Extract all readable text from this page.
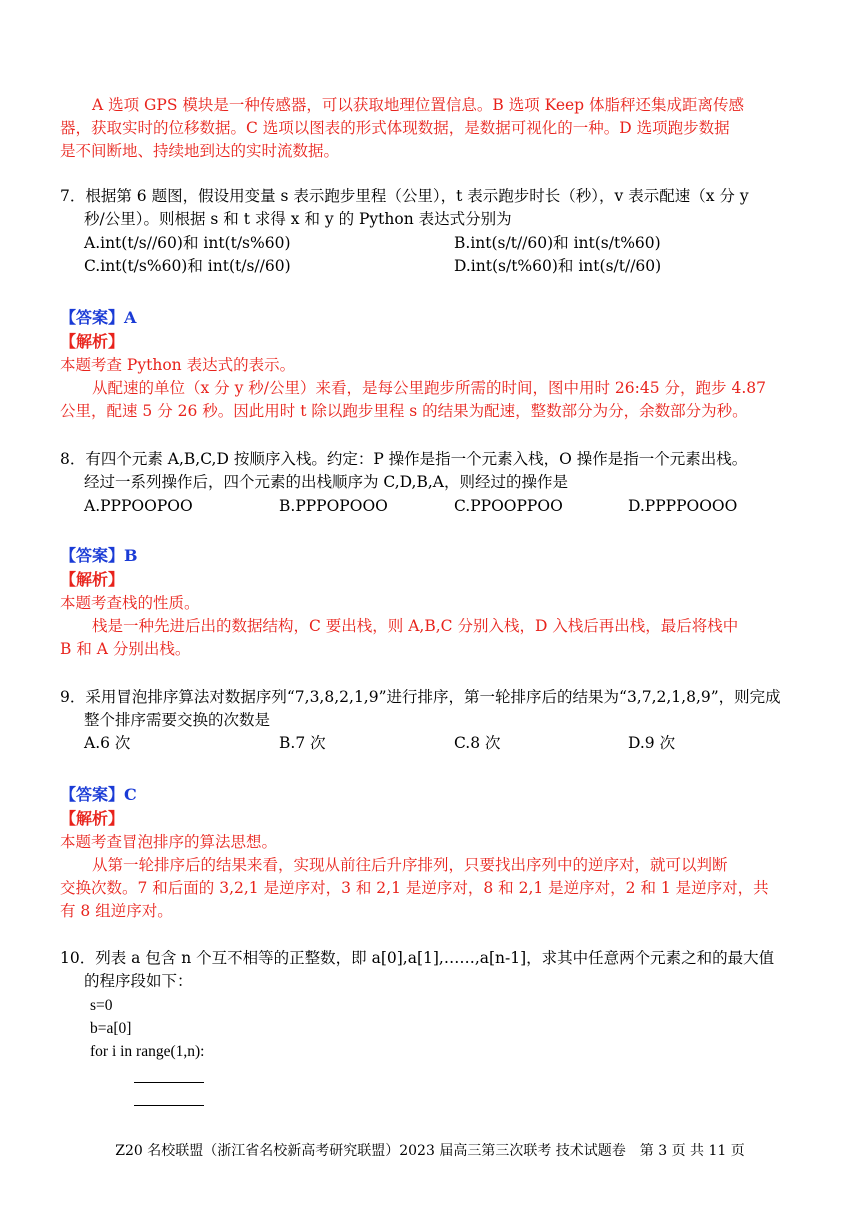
A 选项 GPS 模块是一种传感器，可以获取地理位置信息。B 选项 Keep 体脂秤还集成距离传感
器，获取实时的位移数据。C 选项以图表的形式体现数据，是数据可视化的一种。D 选项跑步数据
是不间断地、持续地到达的实时流数据。
7．根据第 6 题图，假设用变量 s 表示跑步里程（公里），t 表示跑步时长（秒），v 表示配速（x 分 y
秒/公里）。则根据 s 和 t 求得 x 和 y 的 Python 表达式分别为
A.int(t/s//60)和 int(t/s%60)	B.int(s/t//60)和 int(s/t%60)
C.int(t/s%60)和 int(t/s//60)	D.int(s/t%60)和 int(s/t//60)
【答案】A
【解析】
本题考查 Python 表达式的表示。
从配速的单位（x 分 y 秒/公里）来看，是每公里跑步所需的时间，图中用时 26:45 分，跑步 4.87
公里，配速 5 分 26 秒。因此用时 t 除以跑步里程 s 的结果为配速，整数部分为分，余数部分为秒。
8．有四个元素 A,B,C,D 按顺序入栈。约定：P 操作是指一个元素入栈，O 操作是指一个元素出栈。
经过一系列操作后，四个元素的出栈顺序为 C,D,B,A，则经过的操作是
A.PPPOOPOO	B.PPPOPOOO	C.PPOOPPOO	D.PPPPOOOO
【答案】B
【解析】
本题考查栈的性质。
栈是一种先进后出的数据结构，C 要出栈，则 A,B,C 分别入栈，D 入栈后再出栈，最后将栈中
B 和 A 分别出栈。
9．采用冒泡排序算法对数据序列“7,3,8,2,1,9”进行排序，第一轮排序后的结果为“3,7,2,1,8,9”，则完成
整个排序需要交换的次数是
A.6 次	B.7 次	C.8 次	D.9 次
【答案】C
【解析】
本题考查冒泡排序的算法思想。
从第一轮排序后的结果来看，实现从前往后升序排列，只要找出序列中的逆序对，就可以判断
交换次数。7 和后面的 3,2,1 是逆序对，3 和 2,1 是逆序对，8 和 2,1 是逆序对，2 和 1 是逆序对，共
有 8 组逆序对。
10．列表 a 包含 n 个互不相等的正整数，即 a[0],a[1],……,a[n-1]，求其中任意两个元素之和的最大值
的程序段如下：
s=0
b=a[0]
for i in range(1,n):
Z20 名校联盟（浙江省名校新高考研究联盟）2023 届高三第三次联考 技术试题卷　第 3 页 共 11 页
